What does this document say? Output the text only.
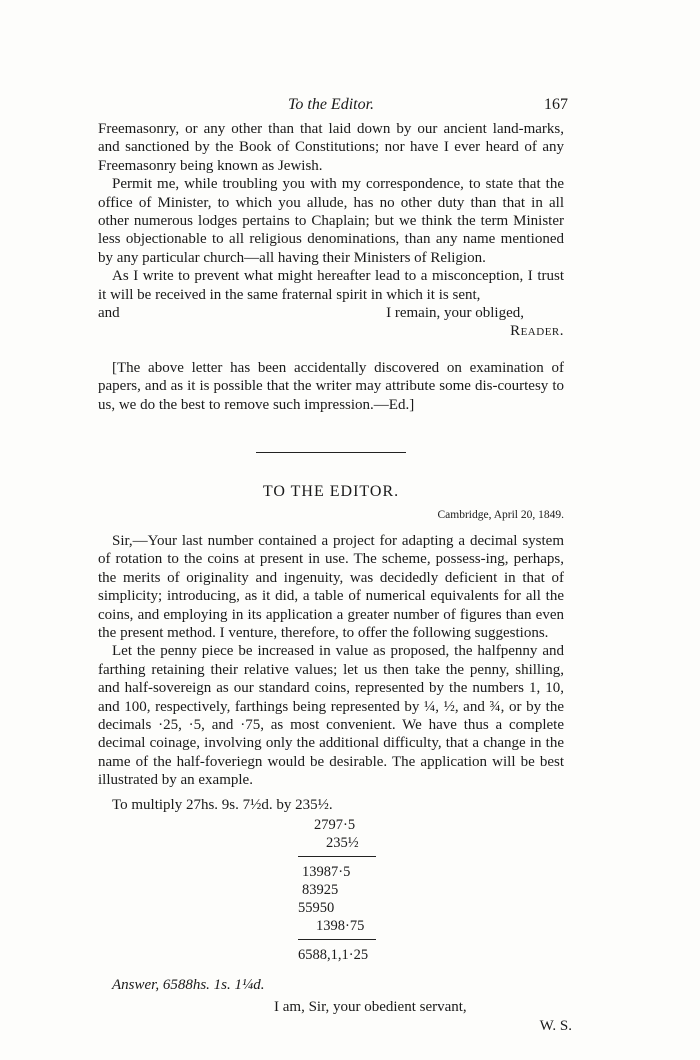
To the Editor.	167

Freemasonry, or any other than that laid down by our ancient land-marks, and sanctioned by the Book of Constitutions; nor have I ever heard of any Freemasonry being known as Jewish.

Permit me, while troubling you with my correspondence, to state that the office of Minister, to which you allude, has no other duty than that in all other numerous lodges pertains to Chaplain; but we think the term Minister less objectionable to all religious denominations, than any name mentioned by any particular church—all having their Ministers of Religion.

As I write to prevent what might hereafter lead to a misconception, I trust it will be received in the same fraternal spirit in which it is sent,

and	I remain, your obliged,
Reader.

[The above letter has been accidentally discovered on examination of papers, and as it is possible that the writer may attribute some dis-courtesy to us, we do the best to remove such impression.—Ed.]

TO THE EDITOR.
Cambridge, April 20, 1849.

Sir,—Your last number contained a project for adapting a decimal system of rotation to the coins at present in use. The scheme, possess-ing, perhaps, the merits of originality and ingenuity, was decidedly deficient in that of simplicity; introducing, as it did, a table of numerical equivalents for all the coins, and employing in its application a greater number of figures than even the present method. I venture, therefore, to offer the following suggestions.

Let the penny piece be increased in value as proposed, the halfpenny and farthing retaining their relative values; let us then take the penny, shilling, and half-sovereign as our standard coins, represented by the numbers 1, 10, and 100, respectively, farthings being represented by ¼, ½, and ¾, or by the decimals ·25, ·5, and ·75, as most convenient. We have thus a complete decimal coinage, involving only the additional difficulty, that a change in the name of the half-foveriegn would be desirable. The application will be best illustrated by an example.

To multiply 27hs. 9s. 7½d. by 235½.

2797·5
235½
13987·5
83925
55950
1398·75
6588,1,1·25

Answer, 6588hs. 1s. 1¼d.

I am, Sir, your obedient servant,
W. S.
